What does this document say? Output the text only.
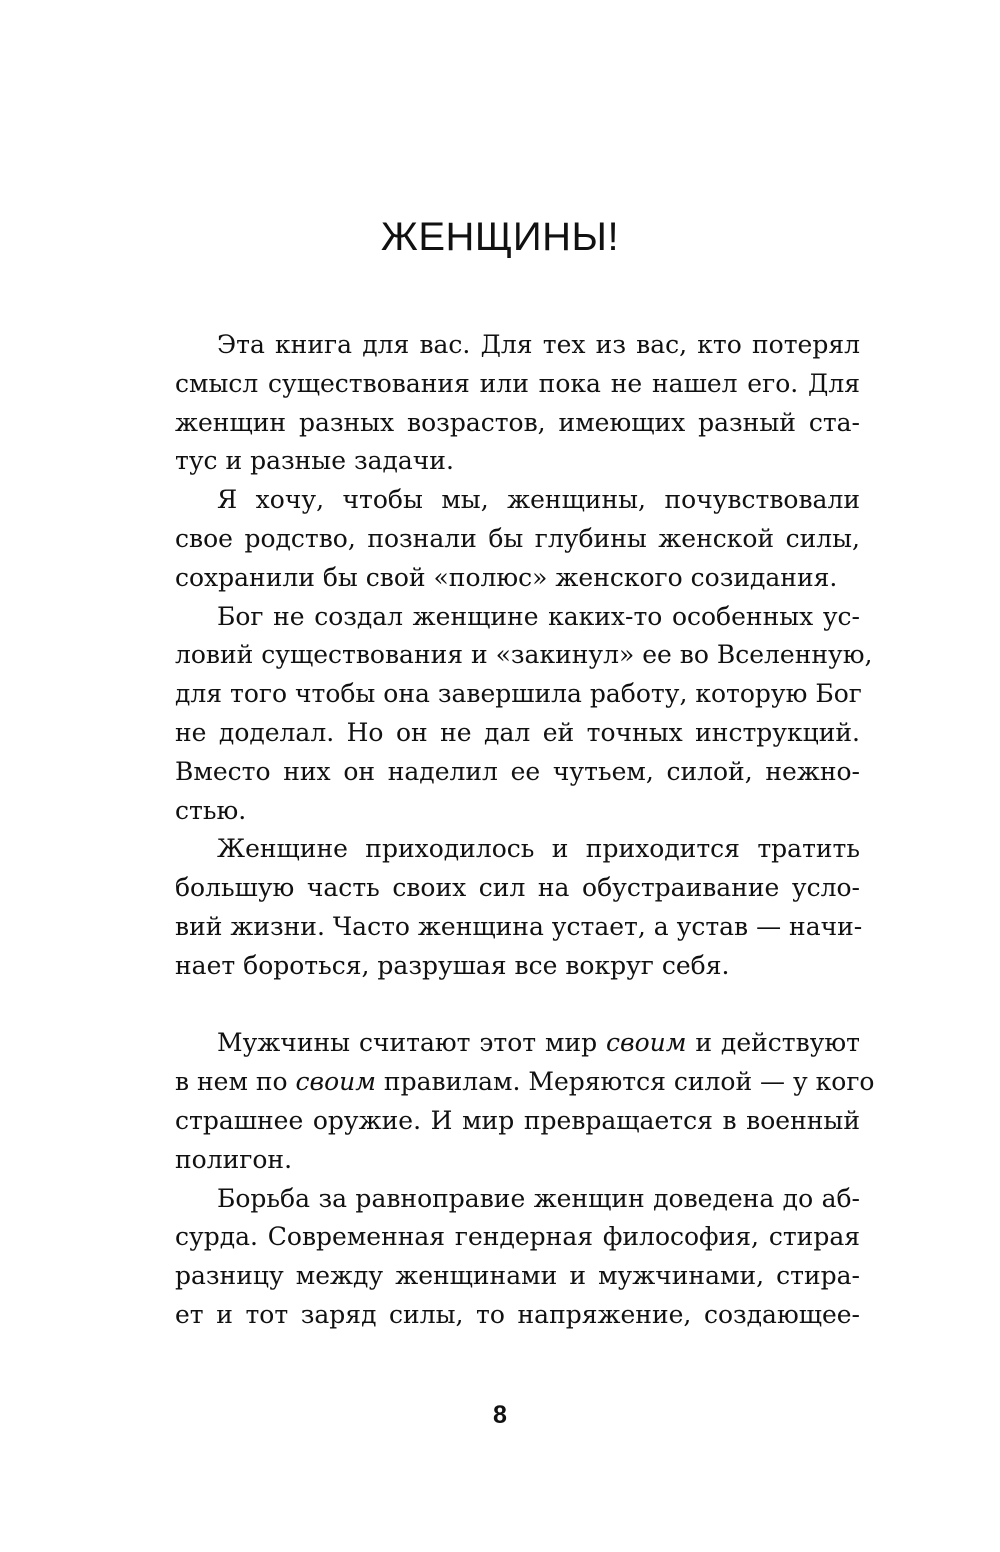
ЖЕНЩИНЫ!
Эта книга для вас. Для тех из вас, кто потерял
смысл существования или пока не нашел его. Для
женщин разных возрастов, имеющих разный ста-
тус и разные задачи.
Я хочу, чтобы мы, женщины, почувствовали
свое родство, познали бы глубины женской силы,
сохранили бы свой «полюс» женского созидания.
Бог не создал женщине каких-то особенных ус-
ловий существования и «закинул» ее во Вселенную,
для того чтобы она завершила работу, которую Бог
не доделал. Но он не дал ей точных инструкций.
Вместо них он наделил ее чутьем, силой, нежно-
стью.
Женщине приходилось и приходится тратить
большую часть своих сил на обустраивание усло-
вий жизни. Часто женщина устает, а устав — начи-
нает бороться, разрушая все вокруг себя.
Мужчины считают этот мир своим и действуют
в нем по своим правилам. Меряются силой — у кого
страшнее оружие. И мир превращается в военный
полигон.
Борьба за равноправие женщин доведена до аб-
сурда. Современная гендерная философия, стирая
разницу между женщинами и мужчинами, стира-
ет и тот заряд силы, то напряжение, создающее-
8
